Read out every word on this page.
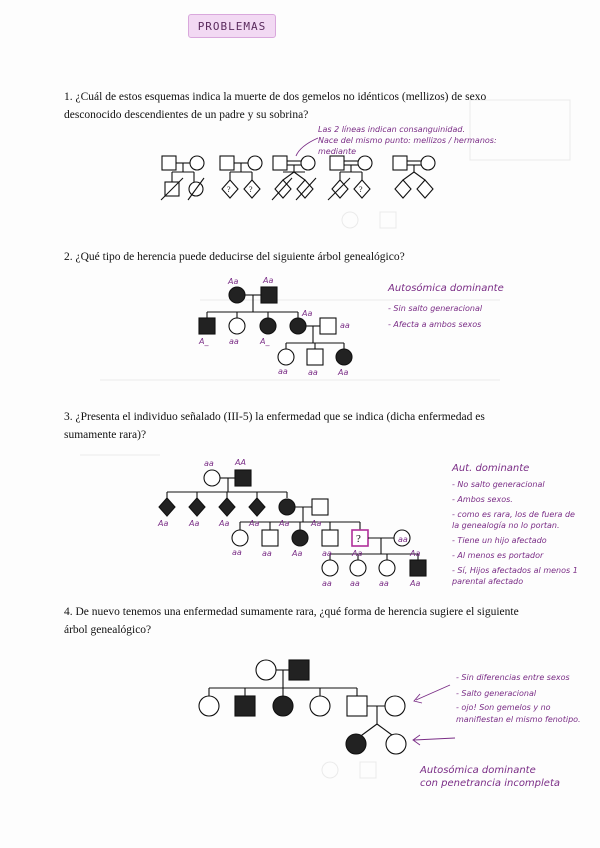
PROBLEMAS
1. ¿Cuál de estos esquemas indica la muerte de dos gemelos no idénticos (mellizos) de sexo desconocido descendientes de un padre y su sobrina?
2. ¿Qué tipo de herencia puede deducirse del siguiente árbol genealógico?
3. ¿Presenta el individuo señalado (III-5) la enfermedad que se indica (dicha enfermedad es sumamente rara)?
4. De nuevo tenemos una enfermedad sumamente rara, ¿qué forma de herencia sugiere el siguiente árbol genealógico?
Las 2 líneas indican consanguinidad.
Nace del mismo punto: mellizos / hermanos: mediante
Autosómica dominante
- Sin salto generacional
- Afecta a ambos sexos
Aut. dominante
- No salto generacional
- Ambos sexos.
- como es rara, los de fuera de la genealogía no lo portan.
- Tiene un hijo afectado
- Al menos es portador
- Sí, Hijos afectados al menos 1 parental afectado
- Sin diferencias entre sexos
- Salto generacional
- ojo! Son gemelos y no manifiestan el mismo fenotipo.
Autosómica dominante
con penetrancia incompleta
? ?	?
Aa	Aa
A_	aa	A_
Aa
aa
aa	aa	Aa
?
aa	AA
Aa	Aa Aa Aa Aa	Aa
aa	aa	Aa aa	Aa
aa
aa aa aa	Aa
Aa
